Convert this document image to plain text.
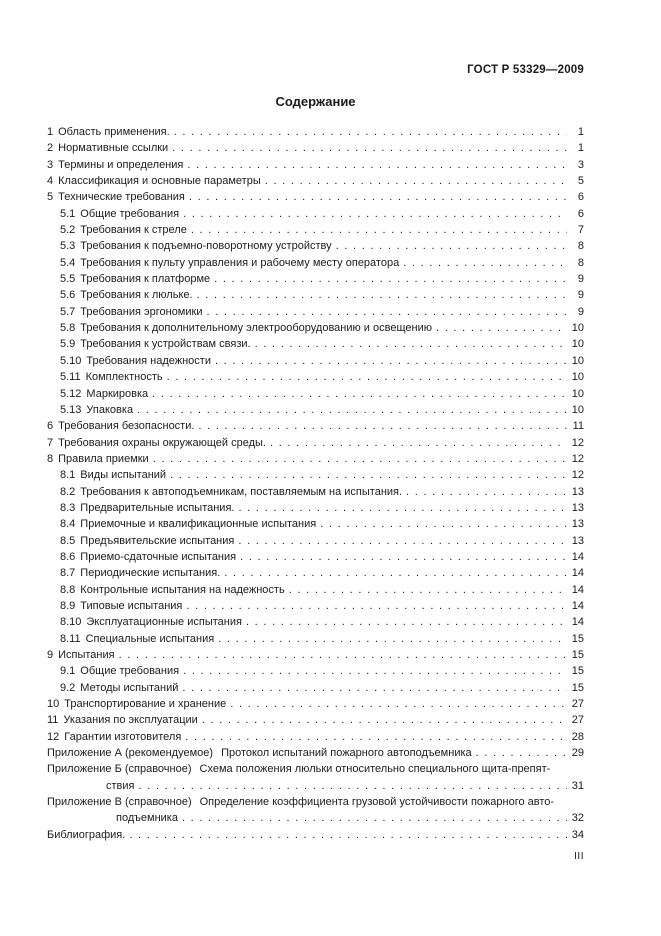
ГОСТ Р 53329—2009
Содержание
1 Область применения. . . .	1
2 Нормативные ссылки . . .	1
3 Термины и определения . . .	3
4 Классификация и основные параметры . . .	5
5 Технические требования . . .	6
5.1 Общие требования . . .	6
5.2 Требования к стреле . . .	7
5.3 Требования к подъемно-поворотному устройству . . .	8
5.4 Требования к пульту управления и рабочему месту оператора . . .	8
5.5 Требования к платформе . . .	9
5.6 Требования к люльке. . . .	9
5.7 Требования эргономики . . .	9
5.8 Требования к дополнительному электрооборудованию и освещению . . .	10
5.9 Требования к устройствам связи. . . .	10
5.10 Требования надежности . . .	10
5.11 Комплектность . . .	10
5.12 Маркировка . . .	10
5.13 Упаковка . . .	10
6 Требования безопасности. . . .	11
7 Требования охраны окружающей среды. . . .	12
8 Правила приемки . . .	12
8.1 Виды испытаний . . .	12
8.2 Требования к автоподъемникам, поставляемым на испытания. . . .	13
8.3 Предварительные испытания. . . .	13
8.4 Приемочные и квалификационные испытания . . .	13
8.5 Предъявительские испытания . . .	13
8.6 Приемо-сдаточные испытания . . .	14
8.7 Периодические испытания. . . .	14
8.8 Контрольные испытания на надежность . . .	14
8.9 Типовые испытания . . .	14
8.10 Эксплуатационные испытания . . .	14
8.11 Специальные испытания . . .	15
9 Испытания . . .	15
9.1 Общие требования . . .	15
9.2 Методы испытаний . . .	15
10 Транспортирование и хранение . . .	27
11 Указания по эксплуатации . . .	27
12 Гарантии изготовителя . . .	28
Приложение А (рекомендуемое) Протокол испытаний пожарного автоподъемника . . .	29
Приложение Б (справочное) Схема положения люльки относительно специального щита-препят-
ствия . . .	31
Приложение В (справочное) Определение коэффициента грузовой устойчивости пожарного авто-
подъемника . . .	32
Библиография. . . .	34
III
